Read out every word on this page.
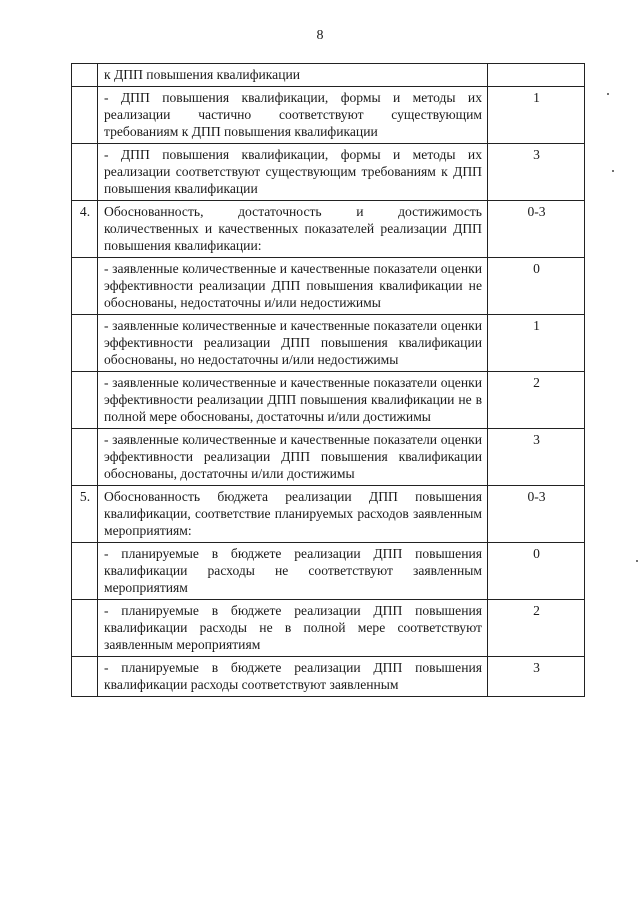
8
	к ДПП повышения квалификации	
	- ДПП повышения квалификации, формы и методы их реализации частично соответствуют существующим требованиям к ДПП повышения квалификации	1
	- ДПП повышения квалификации, формы и методы их реализации соответствуют существующим требованиям к ДПП повышения квалификации	3
4.	Обоснованность, достаточность и достижимость количественных и качественных показателей реализации ДПП повышения квалификации:	0-3
	- заявленные количественные и качественные показатели оценки эффективности реализации ДПП повышения квалификации не обоснованы, недостаточны и/или недостижимы	0
	- заявленные количественные и качественные показатели оценки эффективности реализации ДПП повышения квалификации обоснованы, но недостаточны и/или недостижимы	1
	- заявленные количественные и качественные показатели оценки эффективности реализации ДПП повышения квалификации не в полной мере обоснованы, достаточны и/или достижимы	2
	- заявленные количественные и качественные показатели оценки эффективности реализации ДПП повышения квалификации обоснованы, достаточны и/или достижимы	3
5.	Обоснованность бюджета реализации ДПП повышения квалификации, соответствие планируемых расходов заявленным мероприятиям:	0-3
	- планируемые в бюджете реализации ДПП повышения квалификации расходы не соответствуют заявленным мероприятиям	0
	- планируемые в бюджете реализации ДПП повышения квалификации расходы не в полной мере соответствуют заявленным мероприятиям	2
	- планируемые в бюджете реализации ДПП повышения квалификации расходы соответствуют заявленным	3
